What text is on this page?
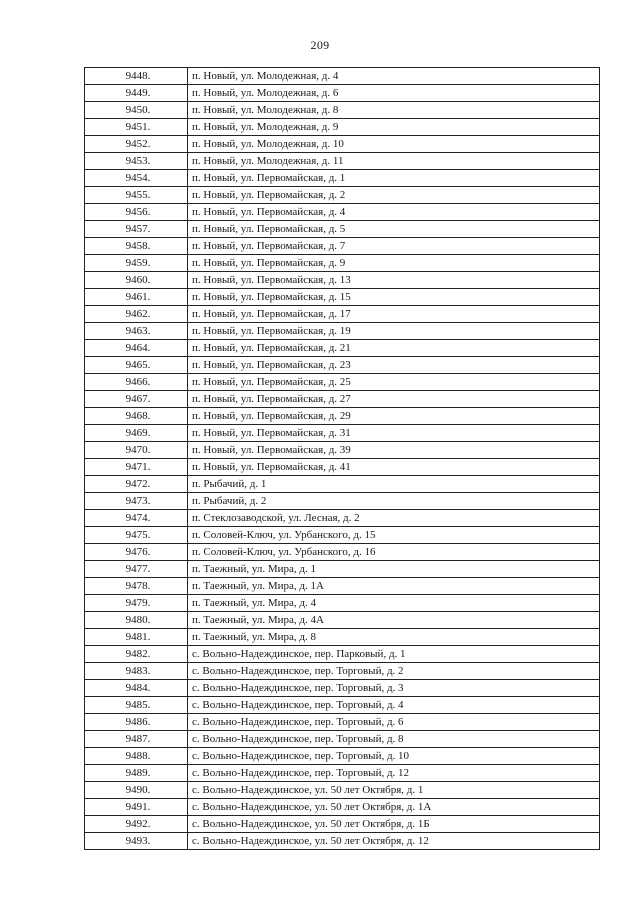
209
9448.	п. Новый, ул. Молодежная, д. 4
9449.	п. Новый, ул. Молодежная, д. 6
9450.	п. Новый, ул. Молодежная, д. 8
9451.	п. Новый, ул. Молодежная, д. 9
9452.	п. Новый, ул. Молодежная, д. 10
9453.	п. Новый, ул. Молодежная, д. 11
9454.	п. Новый, ул. Первомайская, д. 1
9455.	п. Новый, ул. Первомайская, д. 2
9456.	п. Новый, ул. Первомайская, д. 4
9457.	п. Новый, ул. Первомайская, д. 5
9458.	п. Новый, ул. Первомайская, д. 7
9459.	п. Новый, ул. Первомайская, д. 9
9460.	п. Новый, ул. Первомайская, д. 13
9461.	п. Новый, ул. Первомайская, д. 15
9462.	п. Новый, ул. Первомайская, д. 17
9463.	п. Новый, ул. Первомайская, д. 19
9464.	п. Новый, ул. Первомайская, д. 21
9465.	п. Новый, ул. Первомайская, д. 23
9466.	п. Новый, ул. Первомайская, д. 25
9467.	п. Новый, ул. Первомайская, д. 27
9468.	п. Новый, ул. Первомайская, д. 29
9469.	п. Новый, ул. Первомайская, д. 31
9470.	п. Новый, ул. Первомайская, д. 39
9471.	п. Новый, ул. Первомайская, д. 41
9472.	п. Рыбачий, д. 1
9473.	п. Рыбачий, д. 2
9474.	п. Стеклозаводской, ул. Лесная, д. 2
9475.	п. Соловей-Ключ, ул. Урбанского, д. 15
9476.	п. Соловей-Ключ, ул. Урбанского, д. 16
9477.	п. Таежный, ул. Мира, д. 1
9478.	п. Таежный, ул. Мира, д. 1А
9479.	п. Таежный, ул. Мира, д. 4
9480.	п. Таежный, ул. Мира, д. 4А
9481.	п. Таежный, ул. Мира, д. 8
9482.	с. Вольно-Надеждинское, пер. Парковый, д. 1
9483.	с. Вольно-Надеждинское, пер. Торговый, д. 2
9484.	с. Вольно-Надеждинское, пер. Торговый, д. 3
9485.	с. Вольно-Надеждинское, пер. Торговый, д. 4
9486.	с. Вольно-Надеждинское, пер. Торговый, д. 6
9487.	с. Вольно-Надеждинское, пер. Торговый, д. 8
9488.	с. Вольно-Надеждинское, пер. Торговый, д. 10
9489.	с. Вольно-Надеждинское, пер. Торговый, д. 12
9490.	с. Вольно-Надеждинское, ул. 50 лет Октября, д. 1
9491.	с. Вольно-Надеждинское, ул. 50 лет Октября, д. 1А
9492.	с. Вольно-Надеждинское, ул. 50 лет Октября, д. 1Б
9493.	с. Вольно-Надеждинское, ул. 50 лет Октября, д. 12
